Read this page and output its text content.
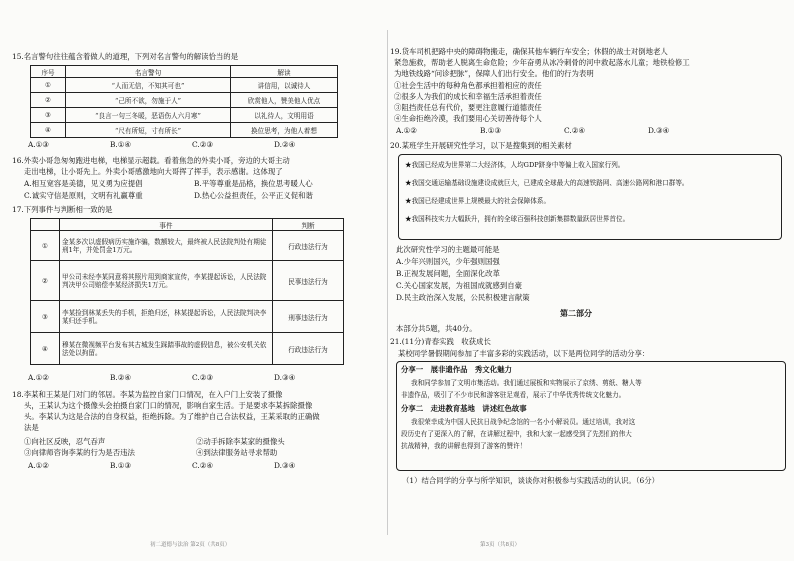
15.名言警句往往蕴含着做人的道理，下列对名言警句的解读恰当的是
序号	名言警句	解读
①	“人而无信，不知其可也”	讲信用，以诚待人
②	“己所不欲，勿施于人”	欣赏他人，赞美他人优点
③	“良言一句三冬暖，恶语伤人六月寒”	以礼待人，文明用语
④	“尺有所短，寸有所长”	换位思考，为他人着想
A.①③	B.①④	C.②③	D.②④
16.外卖小哥急匆匆跑进电梯，电梯显示超载。看着焦急的外卖小哥，旁边的大哥主动
走出电梯，让小哥先上。外卖小哥感激地向大哥挥了挥手，表示感谢。这体现了
A.相互宽容是美德，见义勇为应提倡	B.平等尊重是品格，换位思考暖人心
C.诚实守信是原则，文明有礼赢尊重	D.热心公益担责任，公平正义促和谐
17.下列事件与判断相一致的是
	事件	判断
①	金某多次以虚假病历实施诈骗，数额较大，最终被人民法院判处有期徒刑1年，并处罚金1万元。	行政违法行为
②	甲公司未经李某同意将其照片用到商家宣传，李某提起诉讼，人民法院判决甲公司赔偿李某经济损失1万元。	民事违法行为
③	李某捡到林某丢失的手机，拒绝归还，林某提起诉讼，人民法院判决李某归还手机。	刑事违法行为
④	穆某在微视频平台发布其古城发生踩踏事故的虚假信息，被公安机关依法处以拘留。	行政违法行为
A.①②	B.②④	C.②③	D.③④
18.李某和王某是门对门的邻居。李某为监控自家门口情况，在入户门上安装了摄像
头，王某认为这个摄像头会拍摄自家门口的情况，影响自家生活。于是要求李某拆除摄像
头。李某认为这是合法的自身权益，拒绝拆除。为了维护自己合法权益，王某采取的正确做
法是
①向社区反映，忍气吞声	②动手拆除李某家的摄像头
③向律师咨询李某的行为是否违法	④到法律服务站寻求帮助
A.①②	B.①③	C.②④	D.③④
初二道德与法治 第2页（共8页）
19.货车司机把路中央的障碍物搬走，确保其他车辆行车安全；休假的战士对倒地老人
紧急施救，帮助老人脱离生命危险；少年奋勇从冰冷刺骨的河中救起落水儿童；地铁检修工
为地铁线路“问诊把脉”，保障人们出行安全。他们的行为表明
①社会生活中的每种角色都承担着相应的责任
②很多人为我们的成长和幸福生活承担着责任
③阻挡责任总有代价，要更注意履行道德责任
④生命拒绝冷漠，我们要用心关切善待每个人
A.①②	B.①③	C.②④	D.③④
20.某班学生开展研究性学习，以下是搜集到的相关素材
★我国已经成为世界第二大经济体，人均GDP跻身中等偏上收入国家行列。
★我国交通运输基础设施建设成就巨大，已建成全球最大的高速铁路网、高速公路网和港口群等。
★我国已经建成世界上规模最大的社会保障体系。
★我国科技实力大幅跃升，拥有的全球百强科技创新集群数量跃居世界首位。
此次研究性学习的主题最可能是
A.少年兴则国兴，少年强则国强
B.正视发展问题，全面深化改革
C.关心国家发展，为祖国成就感到自豪
D.民主政治深入发展，公民积极建言献策
第二部分
本部分共5题，共40分。
21.(11分)青春实践　收获成长
某校同学暑假期间参加了丰富多彩的实践活动，以下是两位同学的活动分享：
分享一　展非遗作品　秀文化魅力
我和同学参加了文明市集活动。我们通过展板和实物展示了京绣、剪纸、糖人等
非遗作品，吸引了不少市民和游客驻足观看，展示了中华优秀传统文化魅力。
分享二　走进教育基地　讲述红色故事
我很荣幸成为中国人民抗日战争纪念馆的一名小小解说员。通过培训，我对这
段历史有了更深入的了解，在讲解过程中，我和大家一起感受到了先烈们的伟大
抗战精神，我的讲解也得到了游客的赞许！
（1）结合同学的分享与所学知识，谈谈你对积极参与实践活动的认识。（6分）
第3页（共8页）
